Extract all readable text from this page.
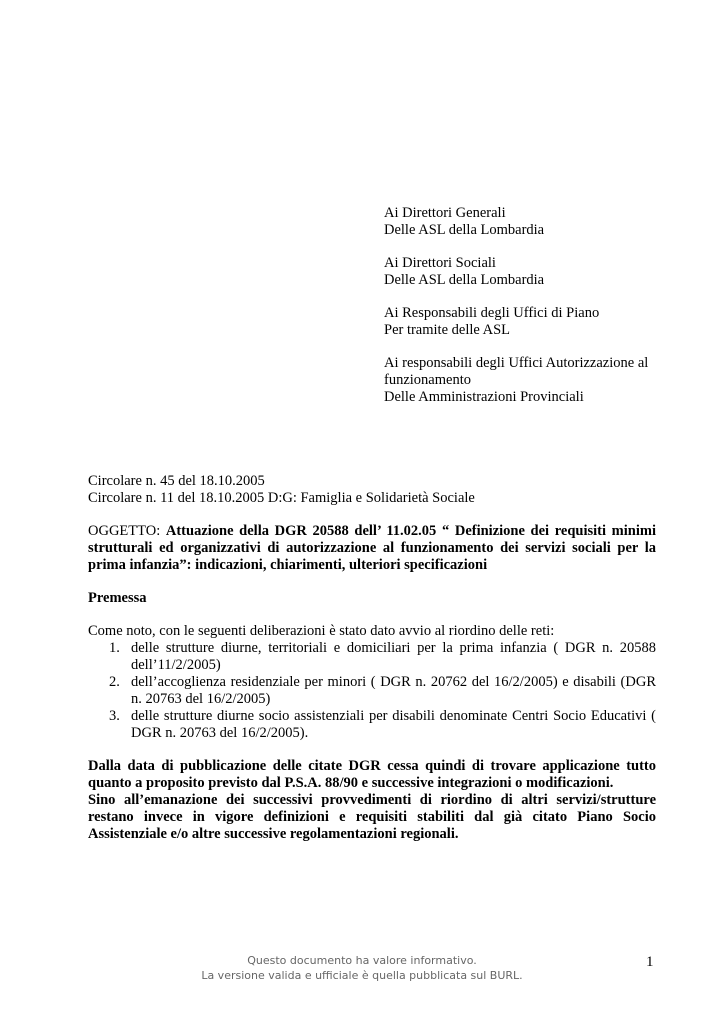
Ai Direttori Generali
Delle ASL della Lombardia
Ai Direttori Sociali
Delle ASL della Lombardia
Ai Responsabili degli Uffici di Piano
Per tramite delle ASL
Ai responsabili degli Uffici Autorizzazione al
funzionamento
Delle Amministrazioni Provinciali
Circolare n. 45 del 18.10.2005
Circolare n. 11 del 18.10.2005 D:G: Famiglia e Solidarietà Sociale
OGGETTO: Attuazione della DGR 20588 dell’ 11.02.05 “ Definizione dei requisiti minimi strutturali ed organizzativi di autorizzazione al funzionamento dei servizi sociali per la prima infanzia”: indicazioni, chiarimenti, ulteriori specificazioni
Premessa
Come noto, con le seguenti deliberazioni è stato dato avvio al riordino delle reti:
1. delle strutture diurne, territoriali e domiciliari per la prima infanzia ( DGR n. 20588
dell’11/2/2005)
2. dell’accoglienza residenziale per minori ( DGR n. 20762 del 16/2/2005) e disabili (DGR
n. 20763 del 16/2/2005)
3. delle strutture diurne socio assistenziali per disabili denominate Centri Socio Educativi (
DGR n. 20763 del 16/2/2005).
Dalla data di pubblicazione delle citate DGR cessa quindi di trovare applicazione tutto
quanto a proposito previsto dal P.S.A. 88/90 e successive integrazioni o modificazioni.
Sino all’emanazione dei successivi provvedimenti di riordino di altri servizi/strutture
restano invece in vigore definizioni e requisiti stabiliti dal già citato Piano Socio
Assistenziale e/o altre successive regolamentazioni regionali.
Questo documento ha valore informativo.
La versione valida e ufficiale è quella pubblicata sul BURL.
1
